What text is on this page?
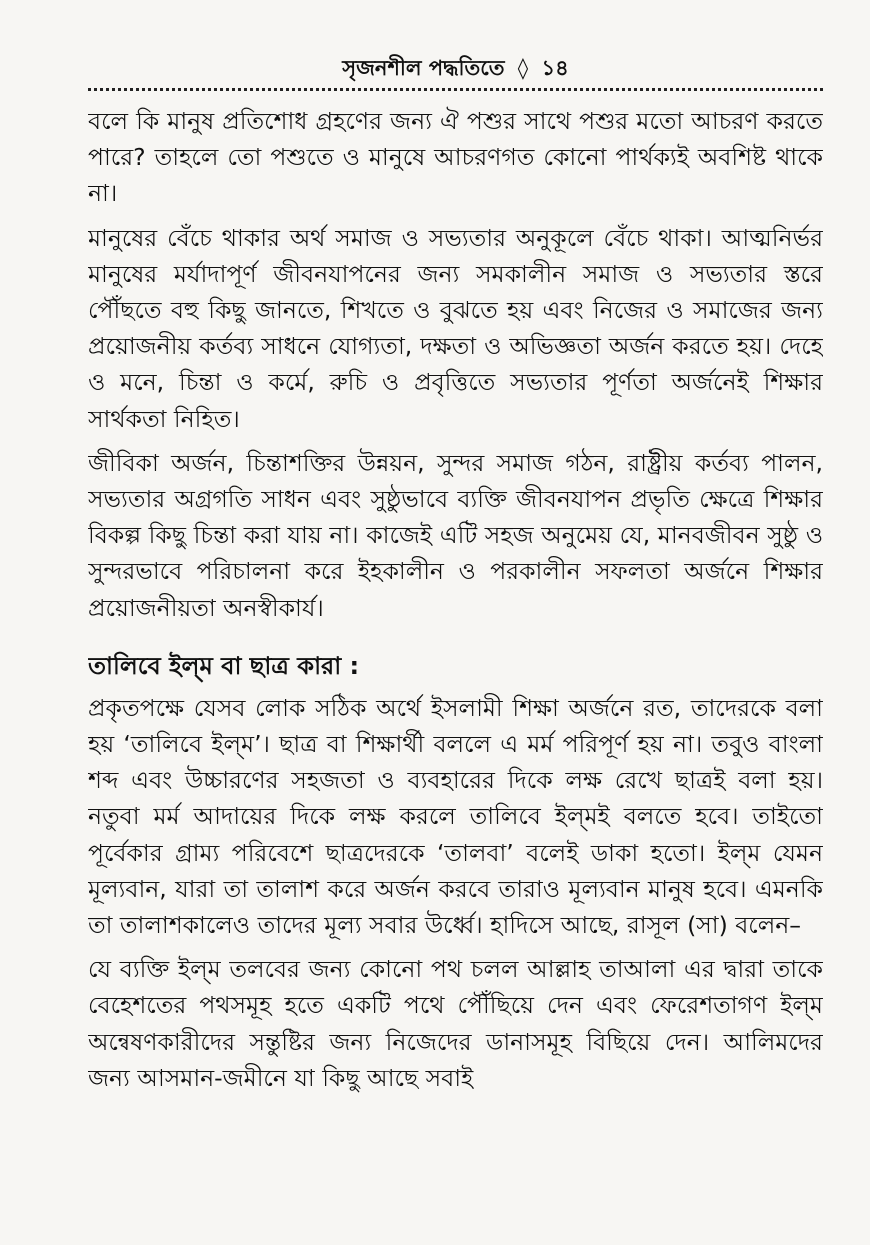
সৃজনশীল পদ্ধতিতে ◊ ১৪

বলে কি মানুষ প্রতিশোধ গ্রহণের জন্য ঐ পশুর সাথে পশুর মতো আচরণ করতে পারে? তাহলে তো পশুতে ও মানুষে আচরণগত কোনো পার্থক্যই অবশিষ্ট থাকে না।

মানুষের বেঁচে থাকার অর্থ সমাজ ও সভ্যতার অনুকূলে বেঁচে থাকা। আত্মনির্ভর মানুষের মর্যাদাপূর্ণ জীবনযাপনের জন্য সমকালীন সমাজ ও সভ্যতার স্তরে পৌঁছতে বহু কিছু জানতে, শিখতে ও বুঝতে হয় এবং নিজের ও সমাজের জন্য প্রয়োজনীয় কর্তব্য সাধনে যোগ্যতা, দক্ষতা ও অভিজ্ঞতা অর্জন করতে হয়। দেহে ও মনে, চিন্তা ও কর্মে, রুচি ও প্রবৃত্তিতে সভ্যতার পূর্ণতা অর্জনেই শিক্ষার সার্থকতা নিহিত।

জীবিকা অর্জন, চিন্তাশক্তির উন্নয়ন, সুন্দর সমাজ গঠন, রাষ্ট্রীয় কর্তব্য পালন, সভ্যতার অগ্রগতি সাধন এবং সুষ্ঠুভাবে ব্যক্তি জীবনযাপন প্রভৃতি ক্ষেত্রে শিক্ষার বিকল্প কিছু চিন্তা করা যায় না। কাজেই এটি সহজ অনুমেয় যে, মানবজীবন সুষ্ঠু ও সুন্দরভাবে পরিচালনা করে ইহকালীন ও পরকালীন সফলতা অর্জনে শিক্ষার প্রয়োজনীয়তা অনস্বীকার্য।

তালিবে ইল্‌ম বা ছাত্র কারা :

প্রকৃতপক্ষে যেসব লোক সঠিক অর্থে ইসলামী শিক্ষা অর্জনে রত, তাদেরকে বলা হয় ‘তালিবে ইল্‌ম’। ছাত্র বা শিক্ষার্থী বললে এ মর্ম পরিপূর্ণ হয় না। তবুও বাংলা শব্দ এবং উচ্চারণের সহজতা ও ব্যবহারের দিকে লক্ষ রেখে ছাত্রই বলা হয়। নতুবা মর্ম আদায়ের দিকে লক্ষ করলে তালিবে ইল্‌মই বলতে হবে। তাইতো পূর্বেকার গ্রাম্য পরিবেশে ছাত্রদেরকে ‘তালবা’ বলেই ডাকা হতো। ইল্‌ম যেমন মূল্যবান, যারা তা তালাশ করে অর্জন করবে তারাও মূল্যবান মানুষ হবে। এমনকি তা তালাশকালেও তাদের মূল্য সবার উর্ধ্বে। হাদিসে আছে, রাসূল (সা) বলেন–

যে ব্যক্তি ইল্‌ম তলবের জন্য কোনো পথ চলল আল্লাহ তাআলা এর দ্বারা তাকে বেহেশতের পথসমূহ হতে একটি পথে পৌঁছিয়ে দেন এবং ফেরেশতাগণ ইল্‌ম অন্বেষণকারীদের সন্তুষ্টির জন্য নিজেদের ডানাসমূহ বিছিয়ে দেন। আলিমদের জন্য আসমান-জমীনে যা কিছু আছে সবাই
